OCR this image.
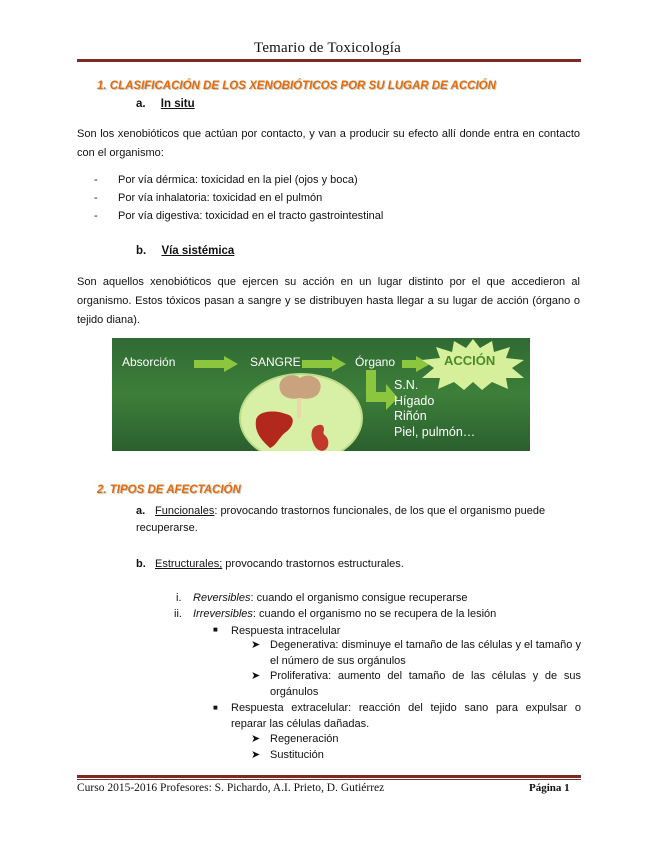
Temario de Toxicología
1. CLASIFICACIÓN DE LOS XENOBIÓTICOS POR SU LUGAR DE ACCIÓN
a. In situ
Son los xenobióticos que actúan por contacto, y van a producir su efecto allí donde entra en contacto con el organismo:
- Por vía dérmica: toxicidad en la piel (ojos y boca)
- Por vía inhalatoria: toxicidad en el pulmón
- Por vía digestiva: toxicidad en el tracto gastrointestinal
b. Vía sistémica
Son aquellos xenobióticos que ejercen su acción en un lugar distinto por el que accedieron al organismo. Estos tóxicos pasan a sangre y se distribuyen hasta llegar a su lugar de acción (órgano o tejido diana).
Absorción	SANGRE	Órgano	ACCIÓN
S.N.
Hígado
Riñón
Piel, pulmón…
2. TIPOS DE AFECTACIÓN
a. Funcionales: provocando trastornos funcionales, de los que el organismo puede recuperarse.
b. Estructurales; provocando trastornos estructurales.
i. Reversibles: cuando el organismo consigue recuperarse
ii. Irreversibles: cuando el organismo no se recupera de la lesión
■ Respuesta intracelular
➤ Degenerativa: disminuye el tamaño de las células y el tamaño y el número de sus orgánulos
➤ Proliferativa: aumento del tamaño de las células y de sus orgánulos
■ Respuesta extracelular: reacción del tejido sano para expulsar o reparar las células dañadas.
➤ Regeneración
➤ Sustitución
Curso 2015-2016 Profesores: S. Pichardo, A.I. Prieto, D. Gutiérrez	Página 1
